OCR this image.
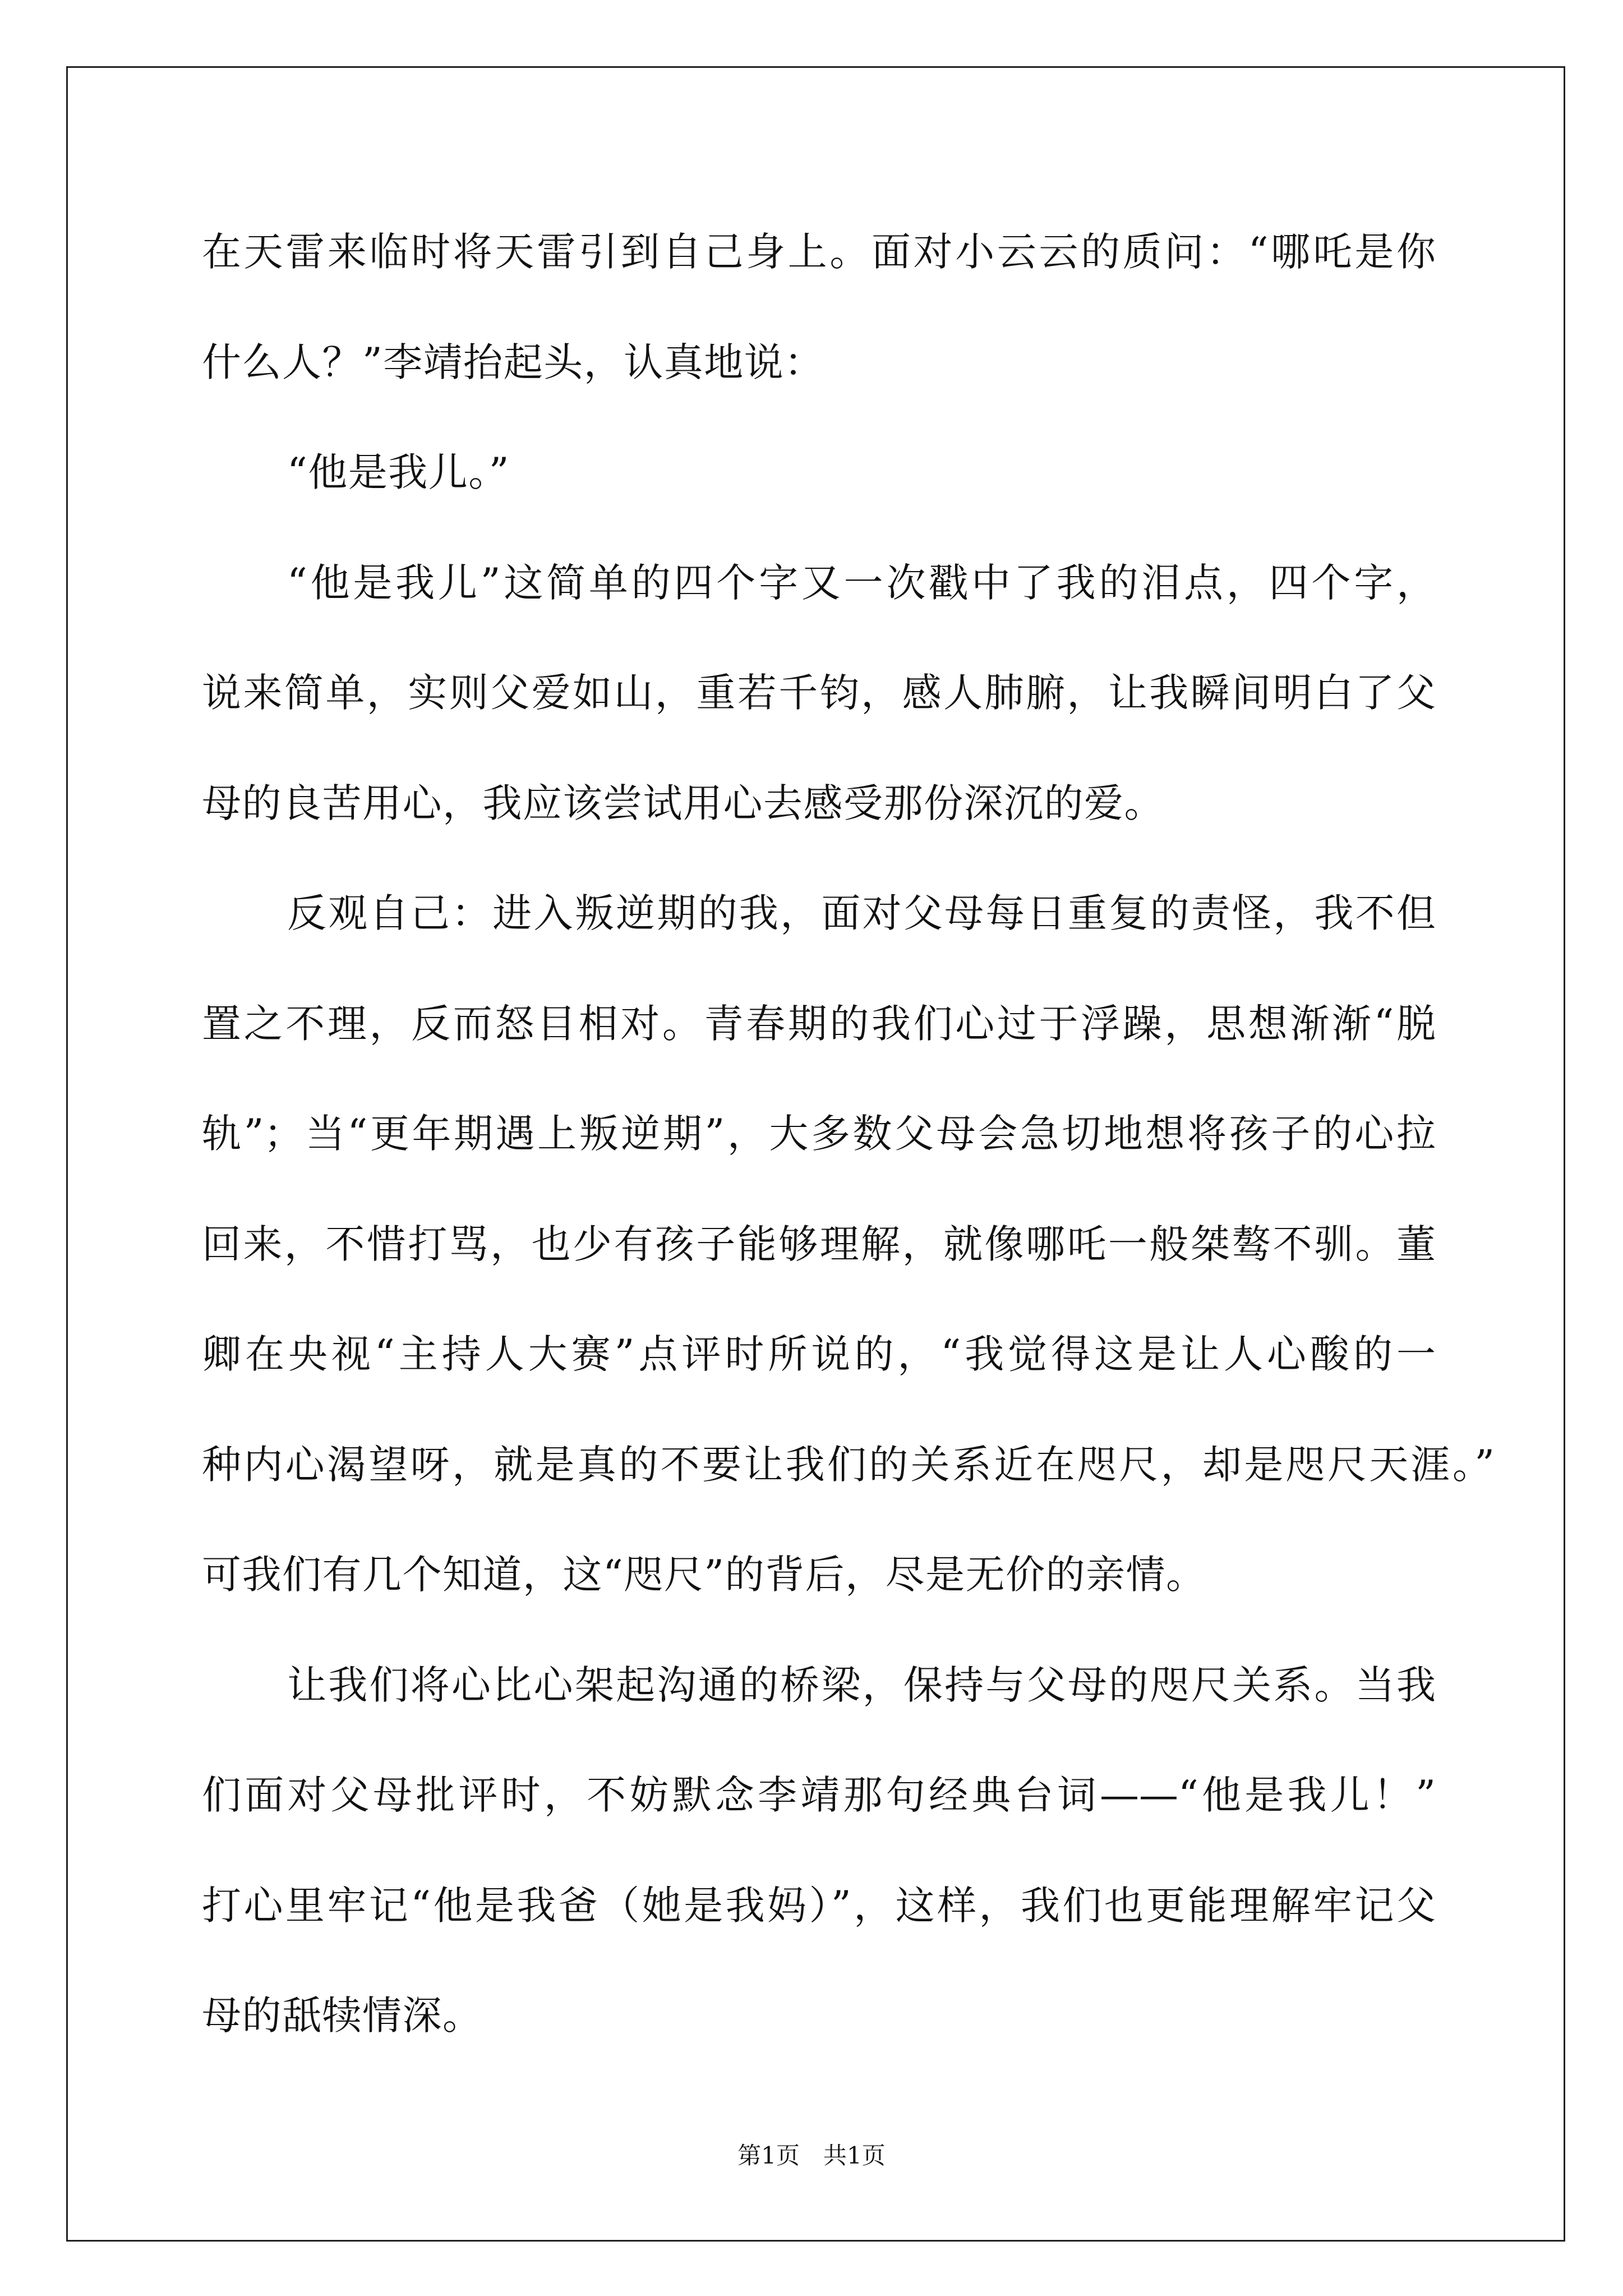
在天雷来临时将天雷引到自己身上。面对小云云的质问：“哪吒是你
什么人？”李靖抬起头，认真地说：
“他是我儿。”
“他是我儿”这简单的四个字又一次戳中了我的泪点，四个字，
说来简单，实则父爱如山，重若千钧，感人肺腑，让我瞬间明白了父
母的良苦用心，我应该尝试用心去感受那份深沉的爱。
反观自己：进入叛逆期的我，面对父母每日重复的责怪，我不但
置之不理，反而怒目相对。青春期的我们心过于浮躁，思想渐渐“脱
轨”；当“更年期遇上叛逆期”，大多数父母会急切地想将孩子的心拉
回来，不惜打骂，也少有孩子能够理解，就像哪吒一般桀骜不驯。董
卿在央视“主持人大赛”点评时所说的，“我觉得这是让人心酸的一
种内心渴望呀，就是真的不要让我们的关系近在咫尺，却是咫尺天涯。”
可我们有几个知道，这“咫尺”的背后，尽是无价的亲情。
让我们将心比心架起沟通的桥梁，保持与父母的咫尺关系。当我
们面对父母批评时，不妨默念李靖那句经典台词——“他是我儿！”
打心里牢记“他是我爸（她是我妈）”，这样，我们也更能理解牢记父
母的舐犊情深。
第1页　共1页
